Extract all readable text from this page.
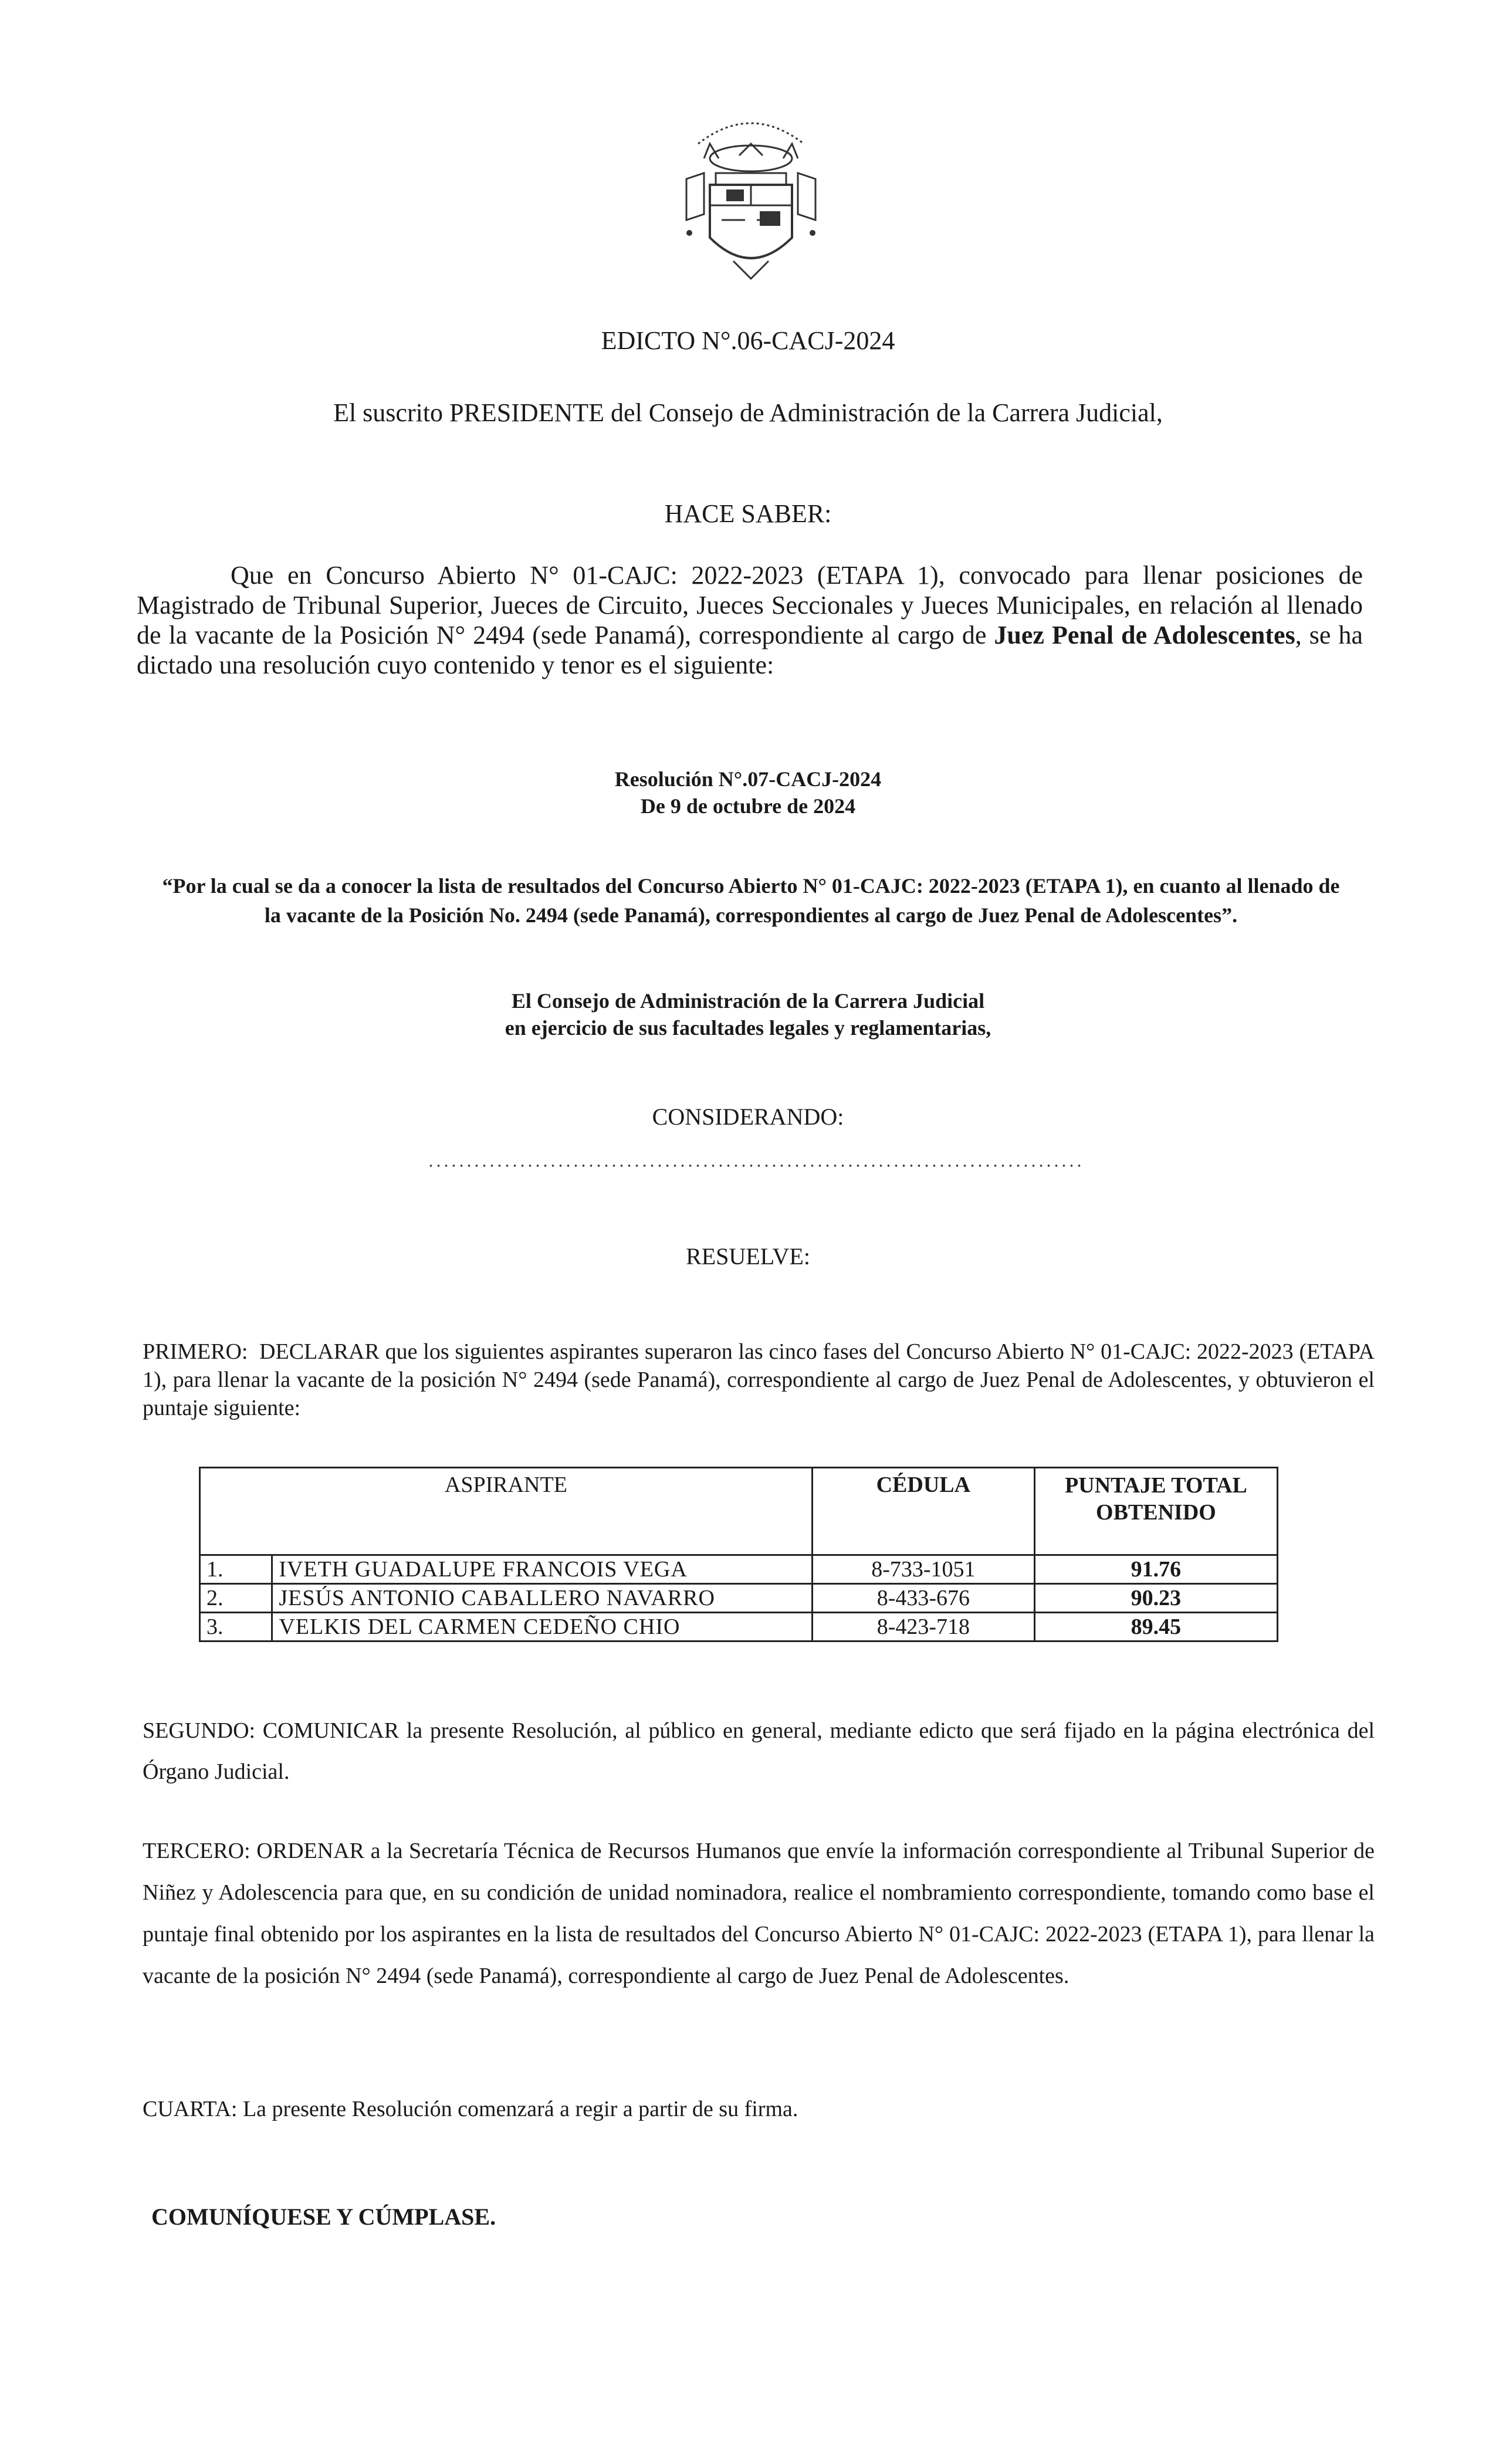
EDICTO N°.06-CACJ-2024
El suscrito PRESIDENTE del Consejo de Administración de la Carrera Judicial,
HACE SABER:

Que en Concurso Abierto N° 01-CAJC: 2022-2023 (ETAPA 1), convocado para llenar posiciones de Magistrado de Tribunal Superior, Jueces de Circuito, Jueces Seccionales y Jueces Municipales, en relación al llenado de la vacante de la Posición N° 2494 (sede Panamá), correspondiente al cargo de Juez Penal de Adolescentes, se ha dictado una resolución cuyo contenido y tenor es el siguiente:

Resolución N°.07-CACJ-2024
De 9 de octubre de 2024
“Por la cual se da a conocer la lista de resultados del Concurso Abierto N° 01-CAJC: 2022-2023 (ETAPA 1), en cuanto al llenado de la vacante de la Posición No. 2494 (sede Panamá), correspondientes al cargo de Juez Penal de Adolescentes”.
El Consejo de Administración de la Carrera Judicial
en ejercicio de sus facultades legales y reglamentarias,
CONSIDERANDO:
RESUELVE:
PRIMERO: DECLARAR que los siguientes aspirantes superaron las cinco fases del Concurso Abierto N° 01-CAJC: 2022-2023 (ETAPA 1), para llenar la vacante de la posición N° 2494 (sede Panamá), correspondiente al cargo de Juez Penal de Adolescentes, y obtuvieron el puntaje siguiente:
ASPIRANTE		CÉDULA	PUNTAJE TOTAL OBTENIDO
1.	IVETH GUADALUPE FRANCOIS VEGA	8-733-1051	91.76
2.	JESÚS ANTONIO CABALLERO NAVARRO	8-433-676	90.23
3.	VELKIS DEL CARMEN CEDEÑO CHIO	8-423-718	89.45
SEGUNDO: COMUNICAR la presente Resolución, al público en general, mediante edicto que será fijado en la página electrónica del Órgano Judicial.
TERCERO: ORDENAR a la Secretaría Técnica de Recursos Humanos que envíe la información correspondiente al Tribunal Superior de Niñez y Adolescencia para que, en su condición de unidad nominadora, realice el nombramiento correspondiente, tomando como base el puntaje final obtenido por los aspirantes en la lista de resultados del Concurso Abierto N° 01-CAJC: 2022-2023 (ETAPA 1), para llenar la vacante de la posición N° 2494 (sede Panamá), correspondiente al cargo de Juez Penal de Adolescentes.
CUARTA: La presente Resolución comenzará a regir a partir de su firma.
COMUNÍQUESE Y CÚMPLASE.
